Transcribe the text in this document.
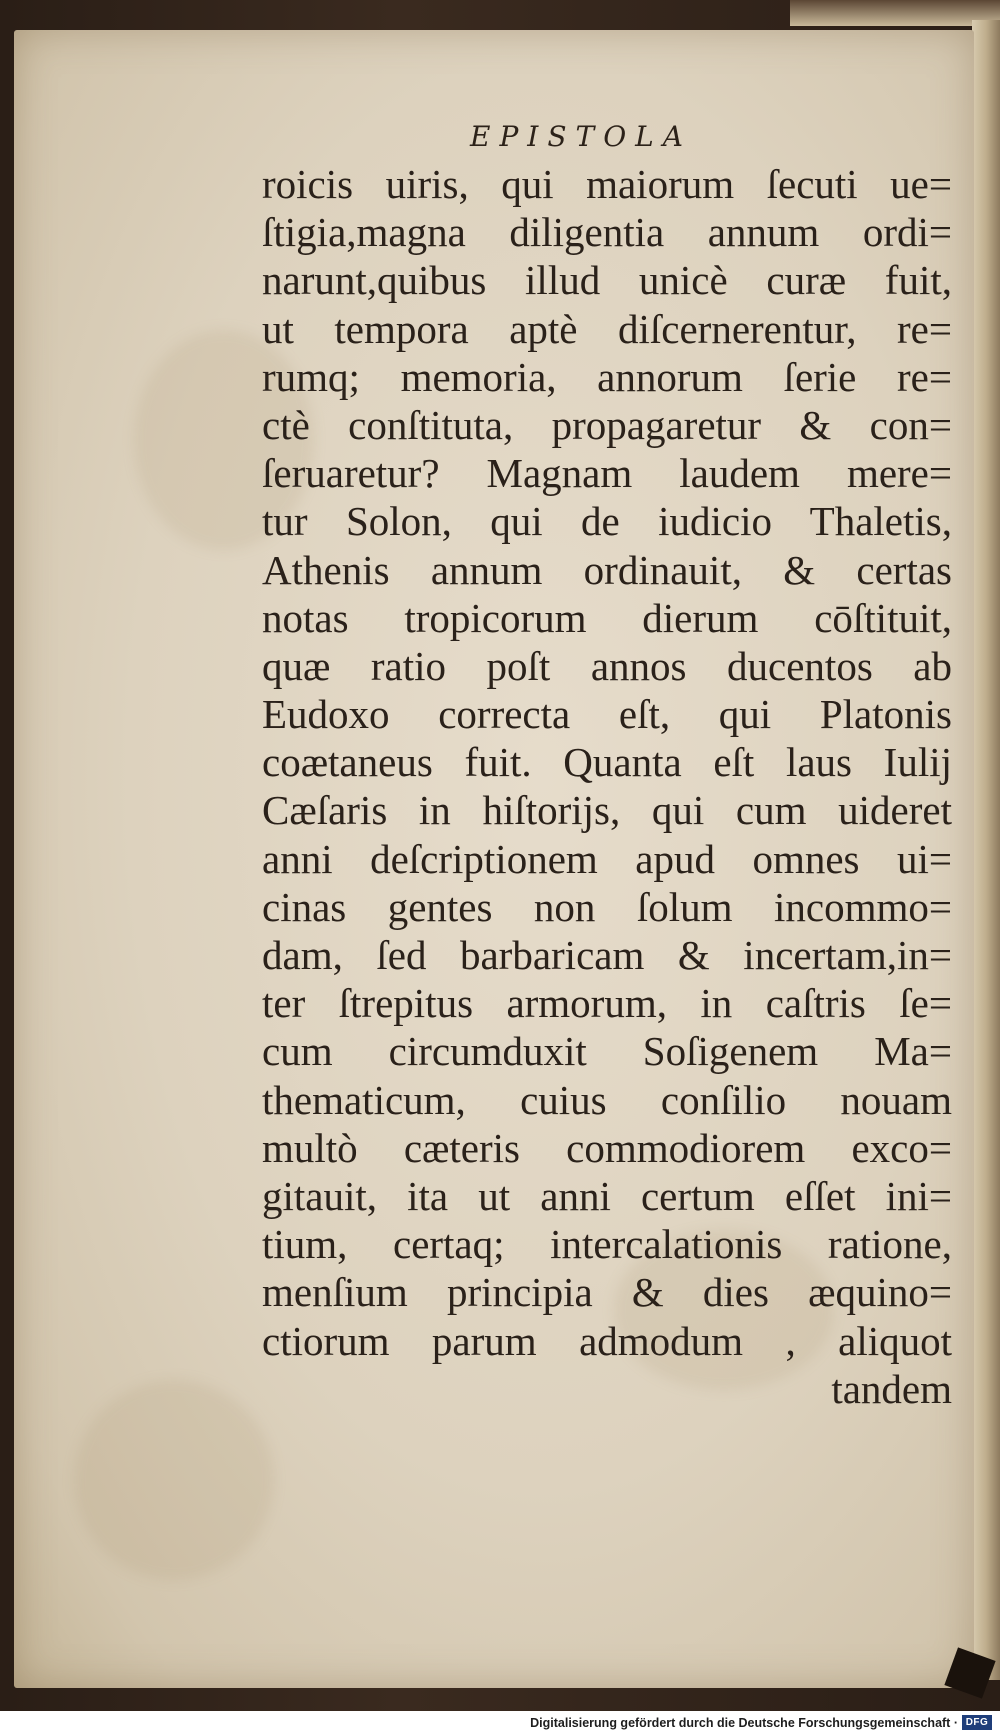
EPISTOLA
roicis uiris, qui maiorum ſecuti ue=
ſtigia,magna diligentia annum ordi=
narunt,quibus illud unicè curæ fuit,
ut tempora aptè diſcernerentur, re=
rumq; memoria, annorum ſerie re=
ctè conſtituta, propagaretur & con=
ſeruaretur? Magnam laudem mere=
tur Solon, qui de iudicio Thaletis,
Athenis annum ordinauit, & certas
notas tropicorum dierum cōſtituit,
quæ ratio poſt annos ducentos ab
Eudoxo correcta eſt, qui Platonis
coætaneus fuit. Quanta eſt laus Iulij
Cæſaris in hiſtorijs, qui cum uideret
anni deſcriptionem apud omnes ui=
cinas gentes non ſolum incommo=
dam, ſed barbaricam & incertam,in=
ter ſtrepitus armorum, in caſtris ſe=
cum circumduxit Soſigenem Ma=
thematicum, cuius conſilio nouam
multò cæteris commodiorem exco=
gitauit, ita ut anni certum eſſet ini=
tium, certaq; intercalationis ratione,
menſium principia & dies æquino=
ctiorum parum admodum , aliquot
tandem
Digitalisierung gefördert durch die Deutsche Forschungsgemeinschaft · DFG
